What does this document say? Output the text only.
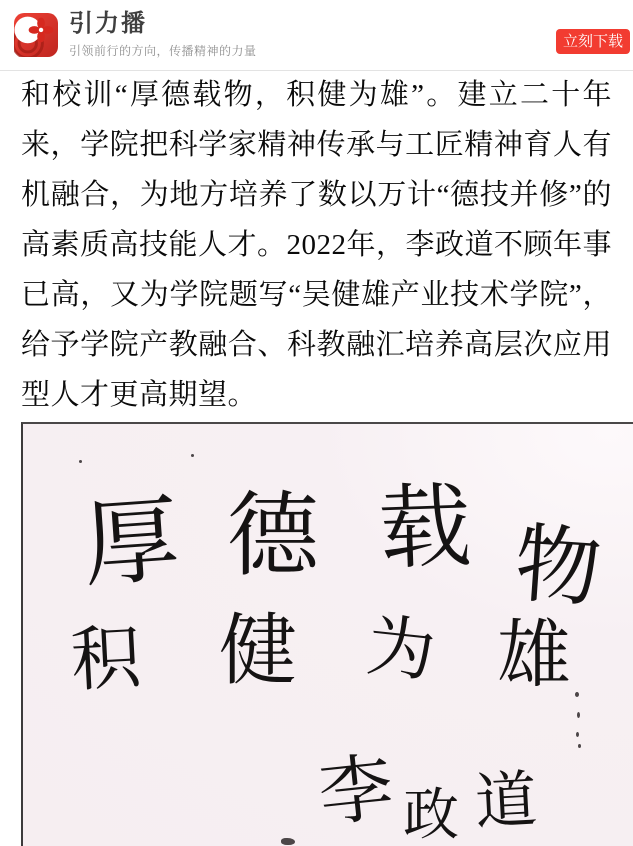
引力播
引领前行的方向，传播精神的力量
立刻下载

和校训“厚德载物，积健为雄”。建立二十年来，学院把科学家精神传承与工匠精神育人有机融合，为地方培养了数以万计“德技并修”的高素质高技能人才。2022年，李政道不顾年事已高，又为学院题写“吴健雄产业技术学院”，给予学院产教融合、科教融汇培养高层次应用型人才更高期望。

厚 德 载 物
积 健 为 雄
李 政 道
